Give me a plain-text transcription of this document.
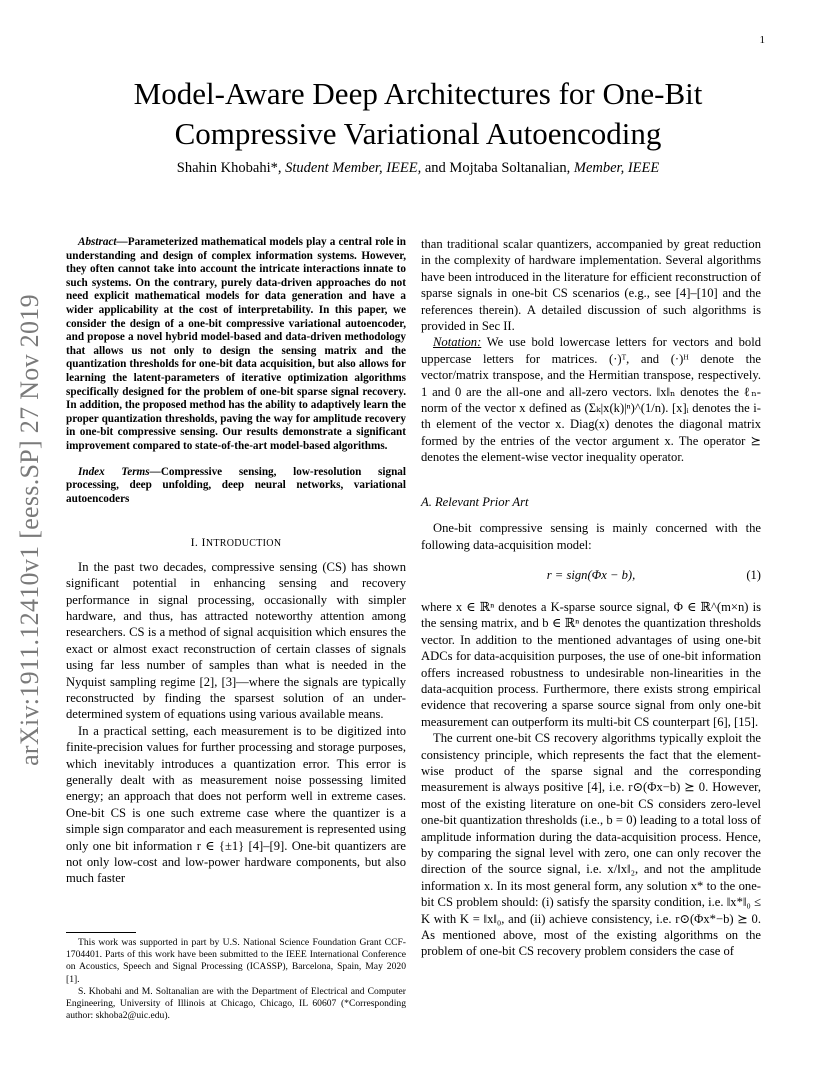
1
arXiv:1911.12410v1 [eess.SP] 27 Nov 2019
Model-Aware Deep Architectures for One-Bit
Compressive Variational Autoencoding
Shahin Khobahi*, Student Member, IEEE, and Mojtaba Soltanalian, Member, IEEE

Abstract—Parameterized mathematical models play a central role in understanding and design of complex information systems. However, they often cannot take into account the intricate interactions innate to such systems. On the contrary, purely data-driven approaches do not need explicit mathematical models for data generation and have a wider applicability at the cost of interpretability. In this paper, we consider the design of a one-bit compressive variational autoencoder, and propose a novel hybrid model-based and data-driven methodology that allows us not only to design the sensing matrix and the quantization thresholds for one-bit data acquisition, but also allows for learning the latent-parameters of iterative optimization algorithms specifically designed for the problem of one-bit sparse signal recovery. In addition, the proposed method has the ability to adaptively learn the proper quantization thresholds, paving the way for amplitude recovery in one-bit compressive sensing. Our results demonstrate a significant improvement compared to state-of-the-art model-based algorithms.

Index Terms—Compressive sensing, low-resolution signal processing, deep unfolding, deep neural networks, variational autoencoders

I. INTRODUCTION

In the past two decades, compressive sensing (CS) has shown significant potential in enhancing sensing and recovery performance in signal processing, occasionally with simpler hardware, and thus, has attracted noteworthy attention among researchers. CS is a method of signal acquisition which ensures the exact or almost exact reconstruction of certain classes of signals using far less number of samples than what is needed in the Nyquist sampling regime [2], [3]—where the signals are typically reconstructed by finding the sparsest solution of an under-determined system of equations using various available means.

In a practical setting, each measurement is to be digitized into finite-precision values for further processing and storage purposes, which inevitably introduces a quantization error. This error is generally dealt with as measurement noise possessing limited energy; an approach that does not perform well in extreme cases. One-bit CS is one such extreme case where the quantizer is a simple sign comparator and each measurement is represented using only one bit information r ∈ {±1} [4]–[9]. One-bit quantizers are not only low-cost and low-power hardware components, but also much faster

This work was supported in part by U.S. National Science Foundation Grant CCF-1704401. Parts of this work have been submitted to the IEEE International Conference on Acoustics, Speech and Signal Processing (ICASSP), Barcelona, Spain, May 2020 [1].

S. Khobahi and M. Soltanalian are with the Department of Electrical and Computer Engineering, University of Illinois at Chicago, Chicago, IL 60607 (*Corresponding author: skhoba2@uic.edu).

than traditional scalar quantizers, accompanied by great reduction in the complexity of hardware implementation. Several algorithms have been introduced in the literature for efficient reconstruction of sparse signals in one-bit CS scenarios (e.g., see [4]–[10] and the references therein). A detailed discussion of such algorithms is provided in Sec II.

Notation: We use bold lowercase letters for vectors and bold uppercase letters for matrices. (·)ᵀ, and (·)ᴴ denote the vector/matrix transpose, and the Hermitian transpose, respectively. 1 and 0 are the all-one and all-zero vectors. ‖x‖ₙ denotes the ℓₙ-norm of the vector x defined as (Σₖ|x(k)|ⁿ)^(1/n). [x]ᵢ denotes the i-th element of the vector x. Diag(x) denotes the diagonal matrix formed by the entries of the vector argument x. The operator ⪰ denotes the element-wise vector inequality operator.

A. Relevant Prior Art

One-bit compressive sensing is mainly concerned with the following data-acquisition model:

r = sign(Φx − b),	(1)

where x ∈ ℝⁿ denotes a K-sparse source signal, Φ ∈ ℝ^(m×n) is the sensing matrix, and b ∈ ℝⁿ denotes the quantization thresholds vector. In addition to the mentioned advantages of using one-bit ADCs for data-acquisition purposes, the use of one-bit information offers increased robustness to undesirable non-linearities in the data-acquition process. Furthermore, there exists strong empirical evidence that recovering a sparse source signal from only one-bit measurement can outperform its multi-bit CS counterpart [6], [15].

The current one-bit CS recovery algorithms typically exploit the consistency principle, which represents the fact that the element-wise product of the sparse signal and the corresponding measurement is always positive [4], i.e. r⊙(Φx−b) ⪰ 0. However, most of the existing literature on one-bit CS considers zero-level one-bit quantization thresholds (i.e., b = 0) leading to a total loss of amplitude information during the data-acquisition process. Hence, by comparing the signal level with zero, one can only recover the direction of the source signal, i.e. x/‖x‖₂, and not the amplitude information x. In its most general form, any solution x* to the one-bit CS problem should: (i) satisfy the sparsity condition, i.e. ‖x*‖₀ ≤ K with K = ‖x‖₀, and (ii) achieve consistency, i.e. r⊙(Φx*−b) ⪰ 0. As mentioned above, most of the existing algorithms on the problem of one-bit CS recovery problem considers the case of
